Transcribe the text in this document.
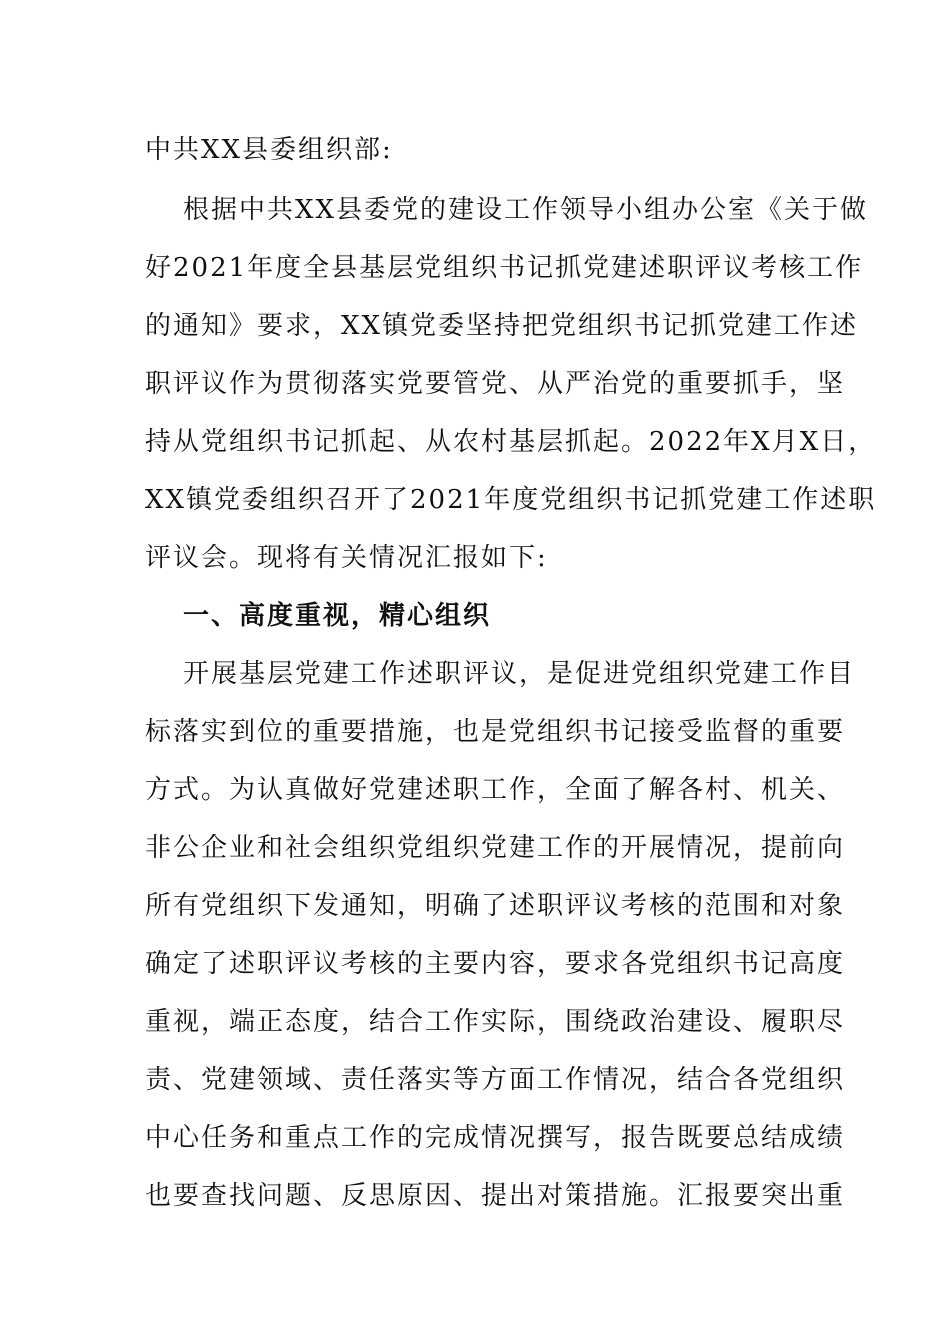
中共XX县委组织部:
根据中共XX县委党的建设工作领导小组办公室《关于做
好2021年度全县基层党组织书记抓党建述职评议考核工作
的通知》要求，XX镇党委坚持把党组织书记抓党建工作述
职评议作为贯彻落实党要管党、从严治党的重要抓手，坚
持从党组织书记抓起、从农村基层抓起。2022年X月X日，
XX镇党委组织召开了2021年度党组织书记抓党建工作述职
评议会。现将有关情况汇报如下:
一、高度重视，精心组织
开展基层党建工作述职评议，是促进党组织党建工作目
标落实到位的重要措施，也是党组织书记接受监督的重要
方式。为认真做好党建述职工作，全面了解各村、机关、
非公企业和社会组织党组织党建工作的开展情况，提前向
所有党组织下发通知，明确了述职评议考核的范围和对象
确定了述职评议考核的主要内容，要求各党组织书记高度
重视，端正态度，结合工作实际，围绕政治建设、履职尽
责、党建领域、责任落实等方面工作情况，结合各党组织
中心任务和重点工作的完成情况撰写，报告既要总结成绩
也要查找问题、反思原因、提出对策措施。汇报要突出重
